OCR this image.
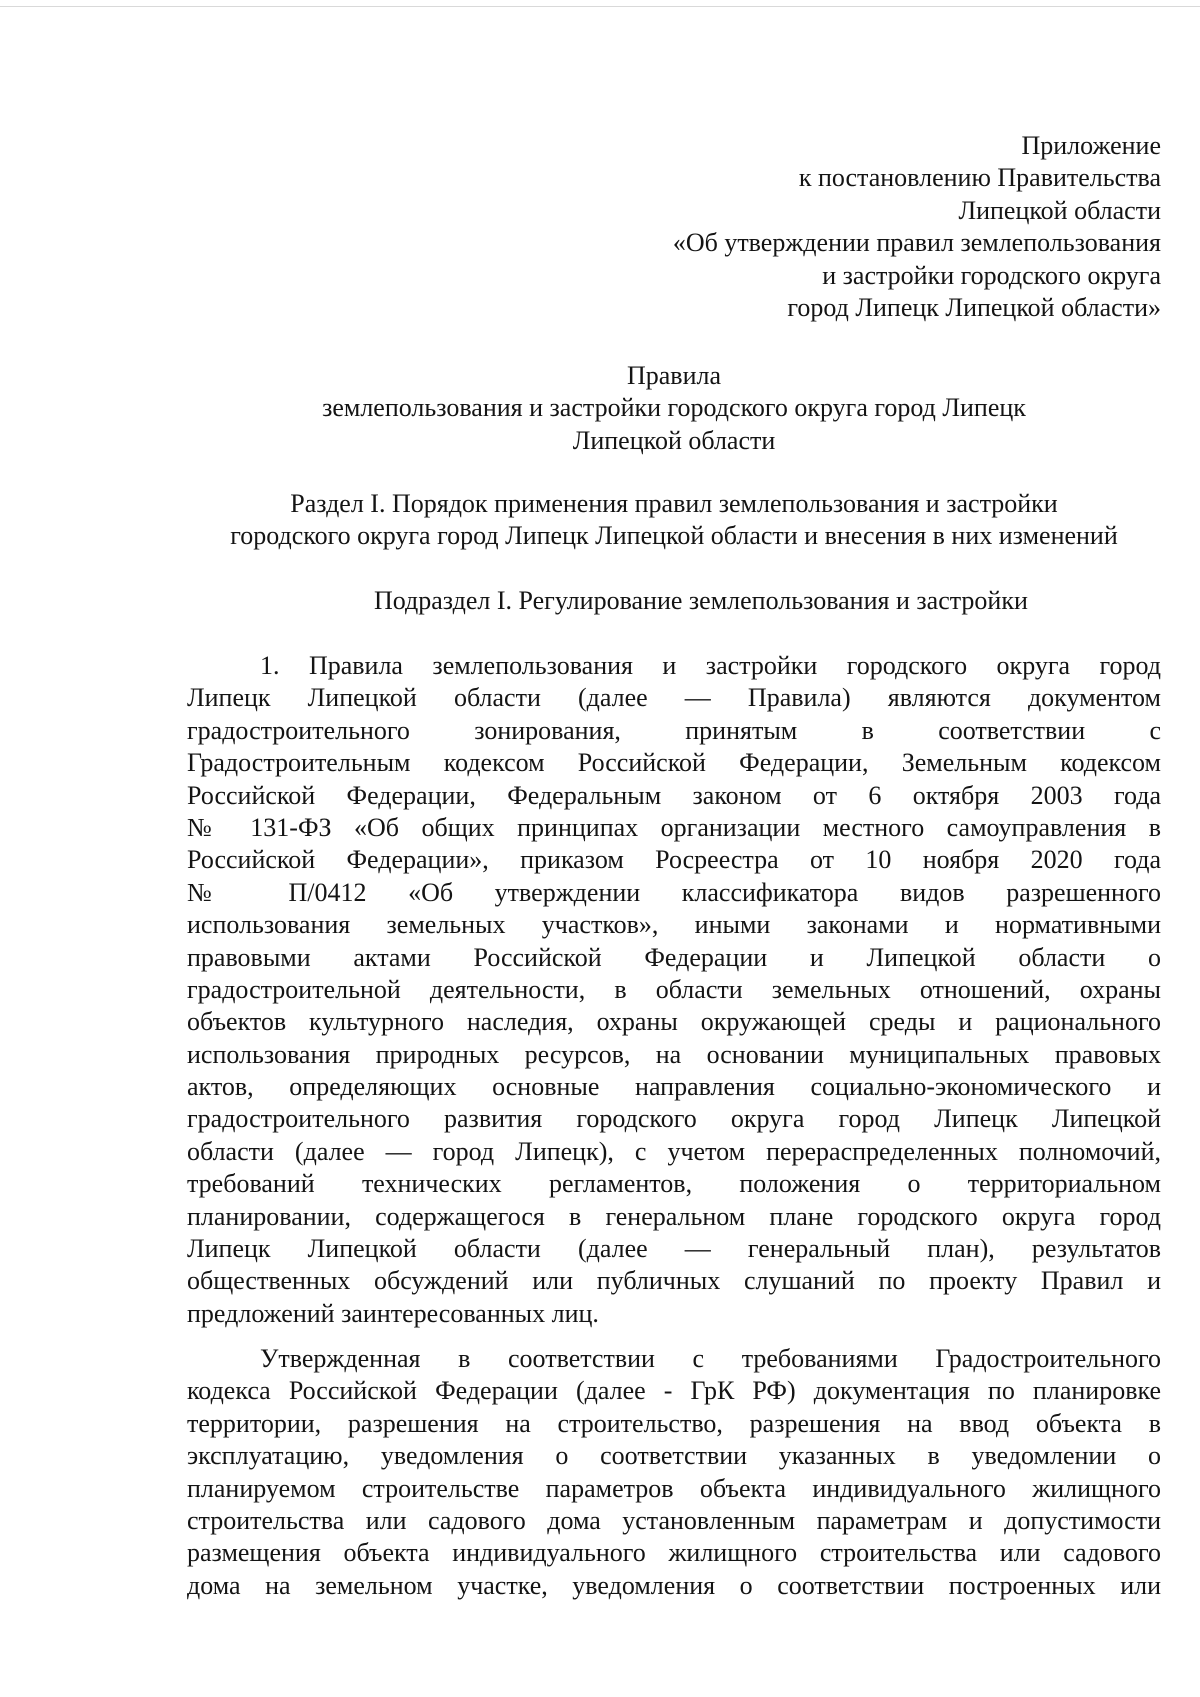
Приложение
к постановлению Правительства
Липецкой области
«Об утверждении правил землепользования
и застройки городского округа
город Липецк Липецкой области»
Правила
землепользования и застройки городского округа город Липецк
Липецкой области
Раздел I. Порядок применения правил землепользования и застройки
городского округа город Липецк Липецкой области и внесения в них изменений
Подраздел I. Регулирование землепользования и застройки
1. Правила землепользования и застройки городского округа город
Липецк Липецкой области (далее — Правила) являются документом
градостроительного зонирования, принятым в соответствии с
Градостроительным кодексом Российской Федерации, Земельным кодексом
Российской Федерации, Федеральным законом от 6 октября 2003 года
№ 131-ФЗ «Об общих принципах организации местного самоуправления в
Российской Федерации», приказом Росреестра от 10 ноября 2020 года
№ П/0412 «Об утверждении классификатора видов разрешенного
использования земельных участков», иными законами и нормативными
правовыми актами Российской Федерации и Липецкой области о
градостроительной деятельности, в области земельных отношений, охраны
объектов культурного наследия, охраны окружающей среды и рационального
использования природных ресурсов, на основании муниципальных правовых
актов, определяющих основные направления социально-экономического и
градостроительного развития городского округа город Липецк Липецкой
области (далее — город Липецк), с учетом перераспределенных полномочий,
требований технических регламентов, положения о территориальном
планировании, содержащегося в генеральном плане городского округа город
Липецк Липецкой области (далее — генеральный план), результатов
общественных обсуждений или публичных слушаний по проекту Правил и
предложений заинтересованных лиц.
Утвержденная в соответствии с требованиями Градостроительного
кодекса Российской Федерации (далее - ГрК РФ) документация по планировке
территории, разрешения на строительство, разрешения на ввод объекта в
эксплуатацию, уведомления о соответствии указанных в уведомлении о
планируемом строительстве параметров объекта индивидуального жилищного
строительства или садового дома установленным параметрам и допустимости
размещения объекта индивидуального жилищного строительства или садового
дома на земельном участке, уведомления о соответствии построенных или
